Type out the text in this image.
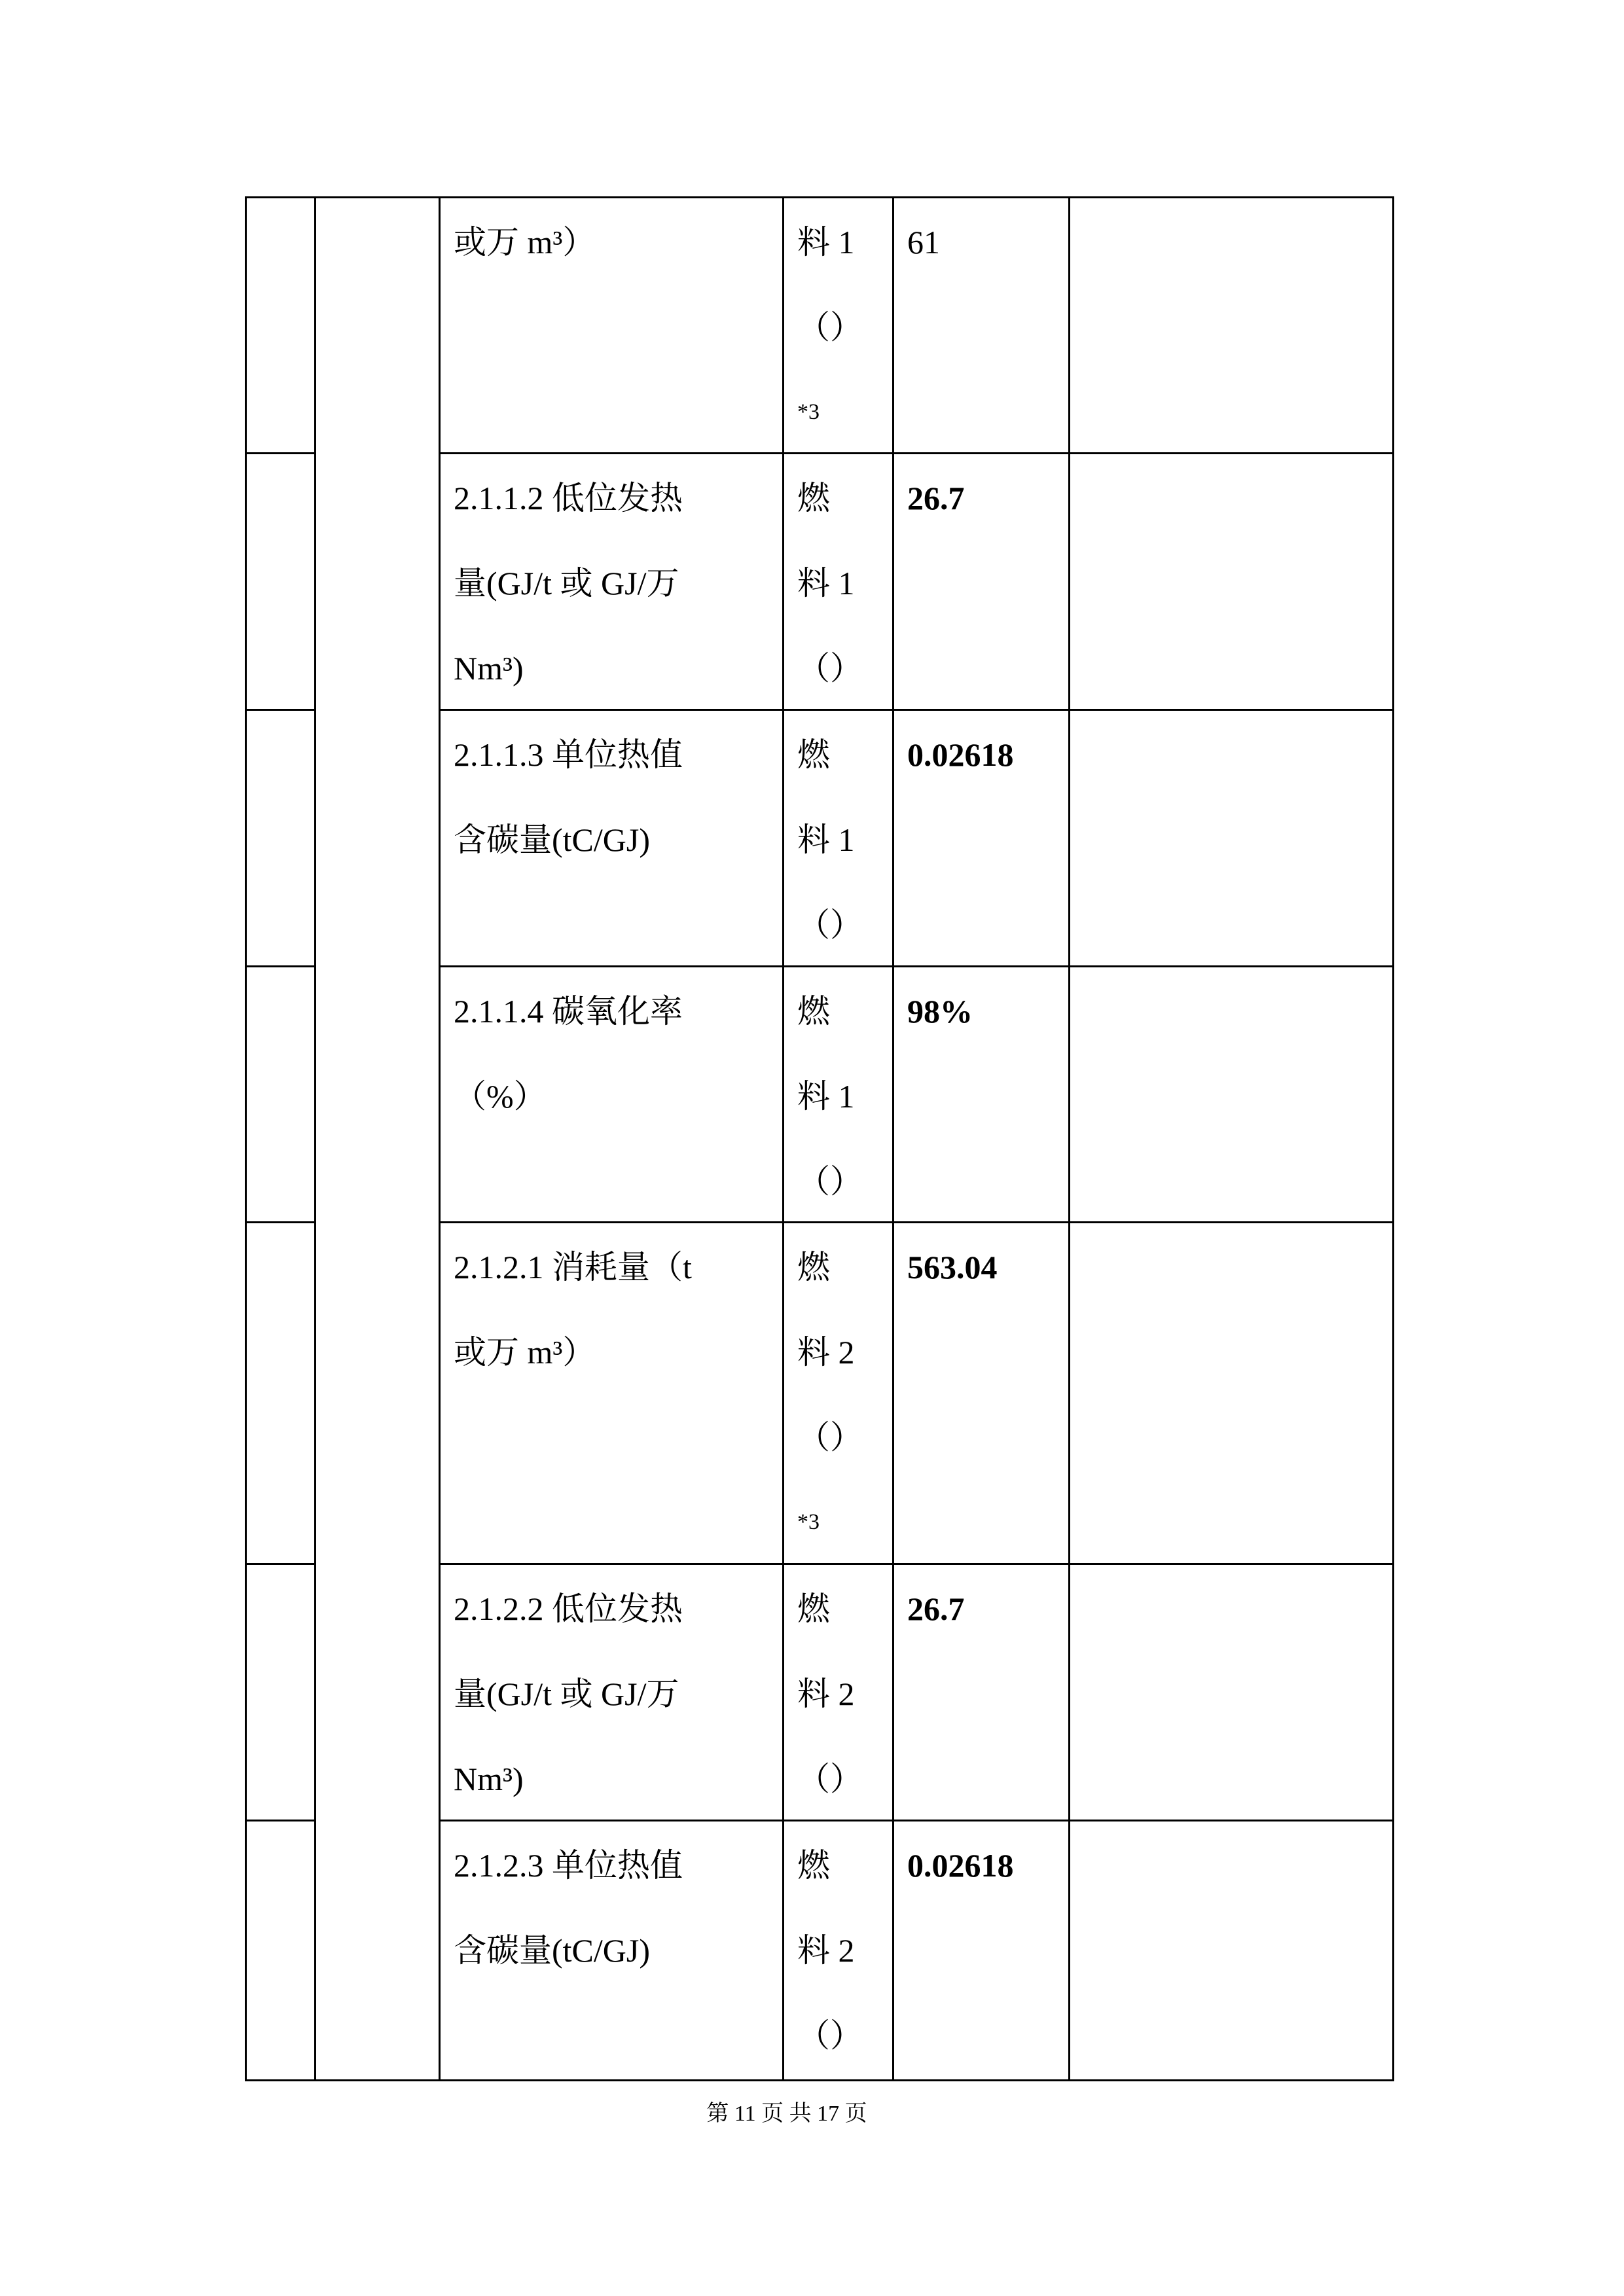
或万 m³）	料 1
（）
*3
61
2.1.1.2 低位发热
量(GJ/t 或 GJ/万
Nm³)
燃
料 1
（）
26.7
2.1.1.3 单位热值
含碳量(tC/GJ)
燃
料 1
（）
0.02618
2.1.1.4 碳氧化率
（%）
燃
料 1
（）
98%
2.1.2.1 消耗量（t
或万 m³）
燃
料 2
（）
*3
563.04
2.1.2.2 低位发热
量(GJ/t 或 GJ/万
Nm³)
燃
料 2
（）
26.7
2.1.2.3 单位热值
含碳量(tC/GJ)
燃
料 2
（）
0.02618
第 11 页 共 17 页
